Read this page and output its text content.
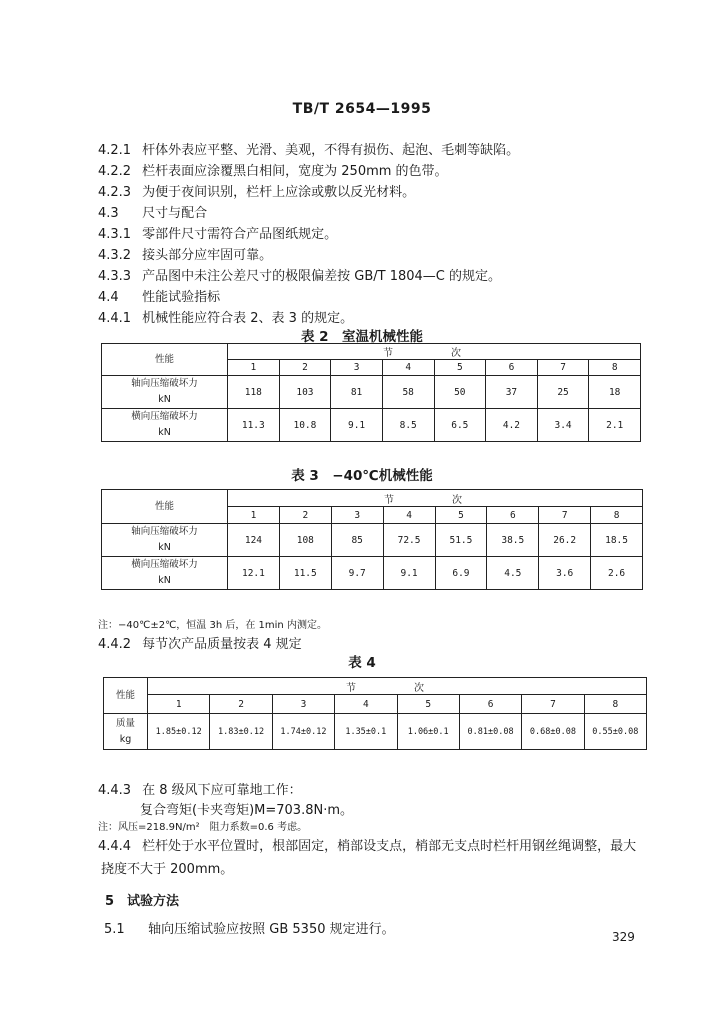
TB/T 2654—1995
4.2.1 杆体外表应平整、光滑、美观，不得有损伤、起泡、毛刺等缺陷。
4.2.2 栏杆表面应涂覆黑白相间，宽度为 250mm 的色带。
4.2.3 为便于夜间识别，栏杆上应涂或敷以反光材料。
4.3 尺寸与配合
4.3.1 零部件尺寸需符合产品图纸规定。
4.3.2 接头部分应牢固可靠。
4.3.3 产品图中未注公差尺寸的极限偏差按 GB/T 1804—C 的规定。
4.4 性能试验指标
4.4.1 机械性能应符合表 2、表 3 的规定。
表 2　室温机械性能
性能	节　次							
	1	2	3	4	5	6	7	8
轴向压缩破坏力
kN	118	103	81	58	50	37	25	18
横向压缩破坏力
kN	11.3	10.8	9.1	8.5	6.5	4.2	3.4	2.1
表 3　−40℃机械性能
性能	节　次							
	1	2	3	4	5	6	7	8
轴向压缩破坏力
kN	124	108	85	72.5	51.5	38.5	26.2	18.5
横向压缩破坏力
kN	12.1	11.5	9.7	9.1	6.9	4.5	3.6	2.6
注：−40℃±2℃，恒温 3h 后，在 1min 内测定。
4.4.2 每节次产品质量按表 4 规定
表 4
性能	节　次							
	1	2	3	4	5	6	7	8
质量
kg	1.85±0.12	1.83±0.12	1.74±0.12	1.35±0.1	1.06±0.1	0.81±0.08	0.68±0.08	0.55±0.08
4.4.3 在 8 级风下应可靠地工作：
复合弯矩(卡夹弯矩)M=703.8N·m。
注：风压=218.9N/m²　阻力系数=0.6 考虑。
4.4.4 栏杆处于水平位置时，根部固定，梢部设支点，梢部无支点时栏杆用钢丝绳调整，最大
挠度不大于 200mm。
5　试验方法
5.1 轴向压缩试验应按照 GB 5350 规定进行。	329
